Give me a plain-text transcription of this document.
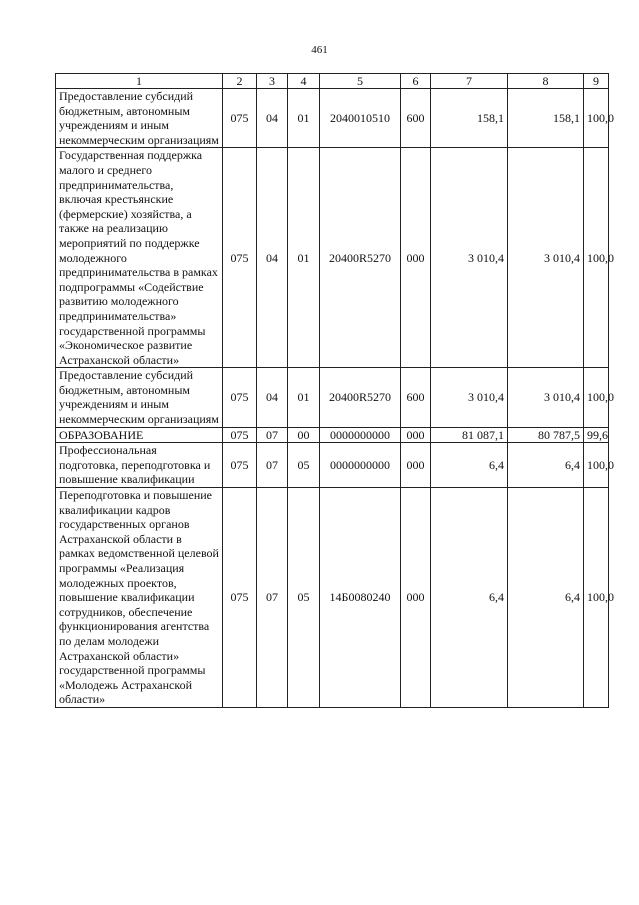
461
1	2	3	4	5	6	7	8	9
Предоставление субсидий бюджетным, автономным учреждениям и иным некоммерческим организациям	075	04	01	2040010510	600	158,1	158,1	100,0
Государственная поддержка малого и среднего предпринимательства, включая крестьянские (фермерские) хозяйства, а также на реализацию мероприятий по поддержке молодежного предпринимательства в рамках подпрограммы «Содействие развитию молодежного предпринимательства» государственной программы «Экономическое развитие Астраханской области»	075	04	01	20400R5270	000	3 010,4	3 010,4	100,0
Предоставление субсидий бюджетным, автономным учреждениям и иным некоммерческим организациям	075	04	01	20400R5270	600	3 010,4	3 010,4	100,0
ОБРАЗОВАНИЕ	075	07	00	0000000000	000	81 087,1	80 787,5	99,6
Профессиональная подготовка, переподготовка и повышение квалификации	075	07	05	0000000000	000	6,4	6,4	100,0
Переподготовка и повышение квалификации кадров государственных органов Астраханской области в рамках ведомственной целевой программы «Реализация молодежных проектов, повышение квалификации сотрудников, обеспечение функционирования агентства по делам молодежи Астраханской области» государственной программы «Молодежь Астраханской области»	075	07	05	14Б0080240	000	6,4	6,4	100,0
